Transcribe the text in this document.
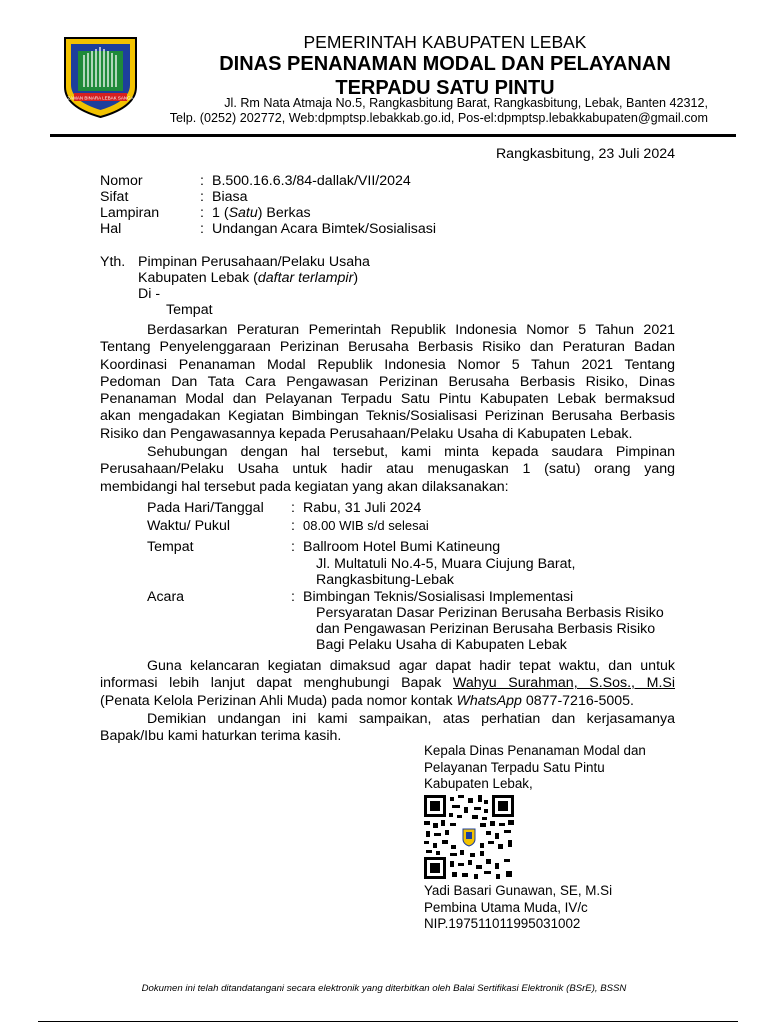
ZAMAN BINARA LEBAK SANGA
PEMERINTAH KABUPATEN LEBAK
DINAS PENANAMAN MODAL DAN PELAYANAN
TERPADU SATU PINTU
Jl. Rm Nata Atmaja No.5, Rangkasbitung Barat, Rangkasbitung, Lebak, Banten 42312,
Telp. (0252) 202772, Web:dpmptsp.lebakkab.go.id, Pos-el:dpmptsp.lebakkabupaten@gmail.com
Rangkasbitung, 23 Juli 2024
Nomor	: B.500.16.6.3/84-dallak/VII/2024
Sifat	: Biasa
Lampiran	: 1 (Satu) Berkas
Hal	: Undangan Acara Bimtek/Sosialisasi
Yth. Pimpinan Perusahaan/Pelaku Usaha
Kabupaten Lebak (daftar terlampir)
Di -
Tempat
Berdasarkan Peraturan Pemerintah Republik Indonesia Nomor 5 Tahun 2021
Tentang Penyelenggaraan Perizinan Berusaha Berbasis Risiko dan Peraturan Badan
Koordinasi Penanaman Modal Republik Indonesia Nomor 5 Tahun 2021 Tentang
Pedoman Dan Tata Cara Pengawasan Perizinan Berusaha Berbasis Risiko, Dinas
Penanaman Modal dan Pelayanan Terpadu Satu Pintu Kabupaten Lebak bermaksud
akan mengadakan Kegiatan Bimbingan Teknis/Sosialisasi Perizinan Berusaha Berbasis
Risiko dan Pengawasannya kepada Perusahaan/Pelaku Usaha di Kabupaten Lebak.
Sehubungan dengan hal tersebut, kami minta kepada saudara Pimpinan
Perusahaan/Pelaku Usaha untuk hadir atau menugaskan 1 (satu) orang yang
membidangi hal tersebut pada kegiatan yang akan dilaksanakan:
Pada Hari/Tanggal : Rabu, 31 Juli 2024
Waktu/ Pukul	: 08.00 WIB s/d selesai
Tempat	: Ballroom Hotel Bumi Katineung
Jl. Multatuli No.4-5, Muara Ciujung Barat,
Rangkasbitung-Lebak
Acara	: Bimbingan Teknis/Sosialisasi Implementasi
Persyaratan Dasar Perizinan Berusaha Berbasis Risiko
dan Pengawasan Perizinan Berusaha Berbasis Risiko
Bagi Pelaku Usaha di Kabupaten Lebak
Guna kelancaran kegiatan dimaksud agar dapat hadir tepat waktu, dan untuk
informasi lebih lanjut dapat menghubungi Bapak Wahyu Surahman, S.Sos., M.Si
(Penata Kelola Perizinan Ahli Muda) pada nomor kontak WhatsApp 0877-7216-5005.
Demikian undangan ini kami sampaikan, atas perhatian dan kerjasamanya
Bapak/Ibu kami haturkan terima kasih.
Kepala Dinas Penanaman Modal dan
Pelayanan Terpadu Satu Pintu
Kabupaten Lebak,
Yadi Basari Gunawan, SE, M.Si
Pembina Utama Muda, IV/c
NIP.197511011995031002
Dokumen ini telah ditandatangani secara elektronik yang diterbitkan oleh Balai Sertifikasi Elektronik (BSrE), BSSN
